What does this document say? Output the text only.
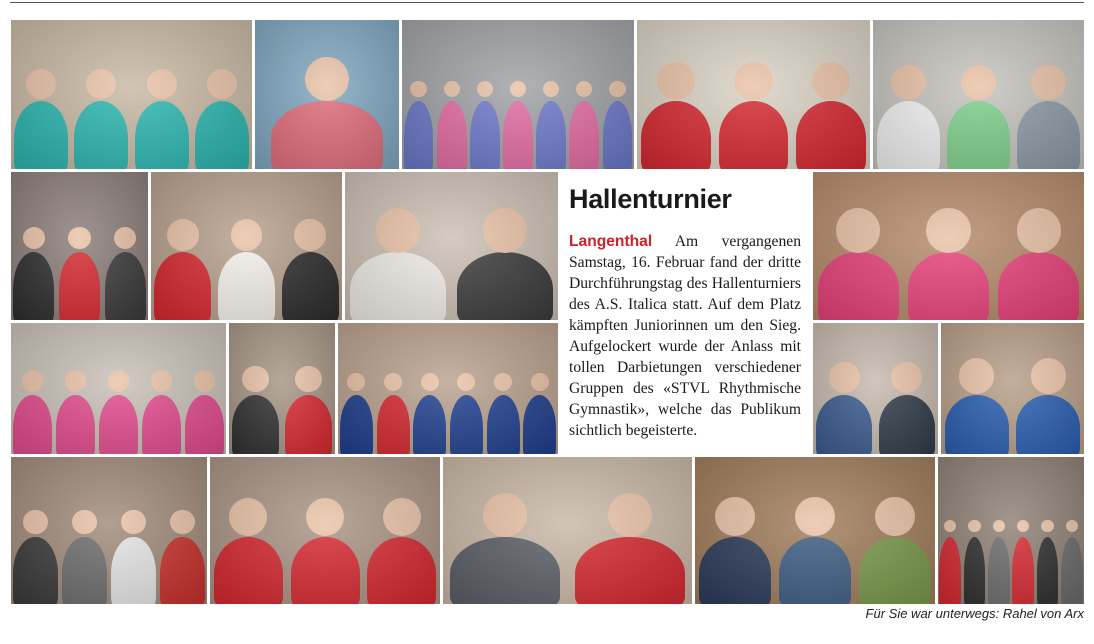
Hallenturnier

Langenthal Am vergangenen Samstag, 16. Februar fand der dritte Durchführungstag des Hallenturniers des A.S. Italica statt. Auf dem Platz kämpften Juniorinnen um den Sieg. Aufgelockert wurde der Anlass mit tollen Darbietungen verschiedener Gruppen des «STVL Rhythmische Gymnastik», welche das Publikum sichtlich begeisterte.

Für Sie war unterwegs: Rahel von Arx
